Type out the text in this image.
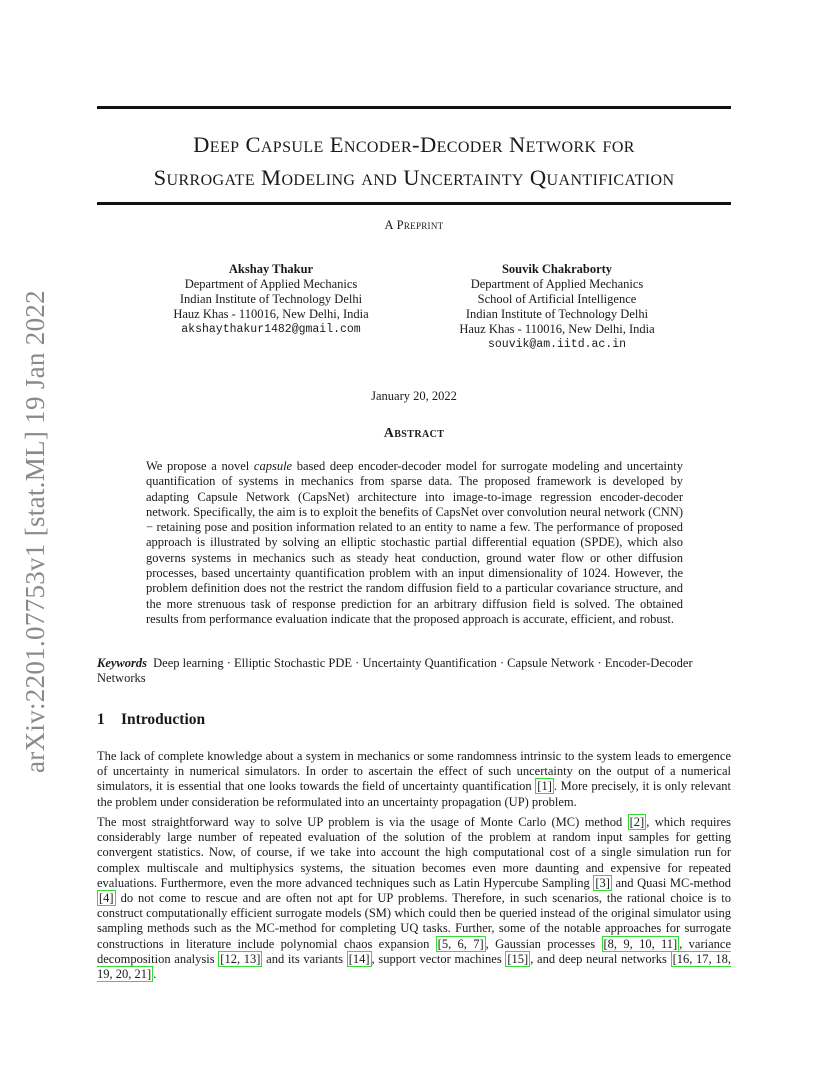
arXiv:2201.07753v1 [stat.ML] 19 Jan 2022
Deep Capsule Encoder-Decoder Network for
Surrogate Modeling and Uncertainty Quantification
A Preprint
Akshay Thakur
Department of Applied Mechanics
Indian Institute of Technology Delhi
Hauz Khas - 110016, New Delhi, India
akshaythakur1482@gmail.com
Souvik Chakraborty
Department of Applied Mechanics
School of Artificial Intelligence
Indian Institute of Technology Delhi
Hauz Khas - 110016, New Delhi, India
souvik@am.iitd.ac.in
January 20, 2022
Abstract
We propose a novel capsule based deep encoder-decoder model for surrogate modeling and uncertainty quantification of systems in mechanics from sparse data. The proposed framework is developed by adapting Capsule Network (CapsNet) architecture into image-to-image regression encoder-decoder network. Specifically, the aim is to exploit the benefits of CapsNet over convolution neural network (CNN) − retaining pose and position information related to an entity to name a few. The performance of proposed approach is illustrated by solving an elliptic stochastic partial differential equation (SPDE), which also governs systems in mechanics such as steady heat conduction, ground water flow or other diffusion processes, based uncertainty quantification problem with an input dimensionality of 1024. However, the problem definition does not the restrict the random diffusion field to a particular covariance structure, and the more strenuous task of response prediction for an arbitrary diffusion field is solved. The obtained results from performance evaluation indicate that the proposed approach is accurate, efficient, and robust.
Keywords Deep learning · Elliptic Stochastic PDE · Uncertainty Quantification · Capsule Network · Encoder-Decoder Networks
1 Introduction
The lack of complete knowledge about a system in mechanics or some randomness intrinsic to the system leads to emergence of uncertainty in numerical simulators. In order to ascertain the effect of such uncertainty on the output of a numerical simulators, it is essential that one looks towards the field of uncertainty quantification [1] . More precisely, it is only relevant the problem under consideration be reformulated into an uncertainty propagation (UP) problem.
The most straightforward way to solve UP problem is via the usage of Monte Carlo (MC) method [2] , which requires considerably large number of repeated evaluation of the solution of the problem at random input samples for getting convergent statistics. Now, of course, if we take into account the high computational cost of a single simulation run for complex multiscale and multiphysics systems, the situation becomes even more daunting and expensive for repeated evaluations. Furthermore, even the more advanced techniques such as Latin Hypercube Sampling [3] and Quasi MC-method [4] do not come to rescue and are often not apt for UP problems. Therefore, in such scenarios, the rational choice is to construct computationally efficient surrogate models (SM) which could then be queried instead of the original simulator using sampling methods such as the MC-method for completing UQ tasks. Further, some of the notable approaches for surrogate constructions in literature include polynomial chaos expansion [5, 6, 7] , Gaussian processes [8, 9, 10, 11] , variance decomposition analysis [12, 13] and its variants [14] , support vector machines [15] , and deep neural networks [16, 17, 18, 19, 20, 21] .
